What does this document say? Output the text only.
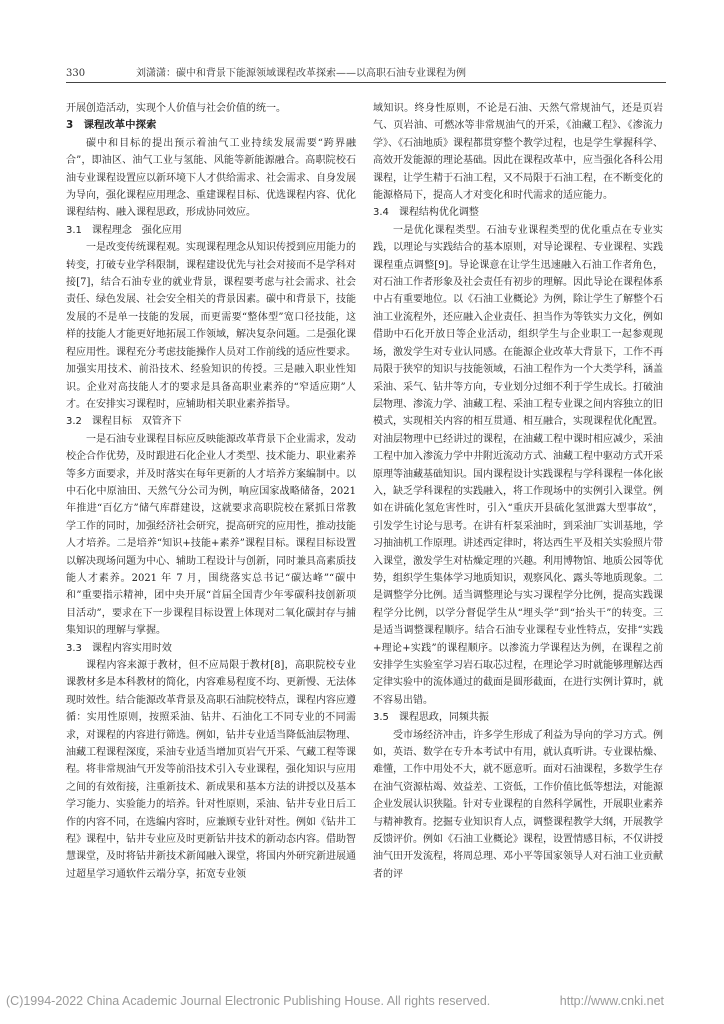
330	刘潇潇：碳中和背景下能源领域课程改革探索——以高职石油专业课程为例

开展创造活动，实现个人价值与社会价值的统一。

3　课程改革中探索

碳中和目标的提出预示着油气工业持续发展需要“跨界融合”，即油区、油气工业与氢能、风能等新能源融合。高职院校石油专业课程设置应以新环境下人才供给需求、社会需求、自身发展为导向，强化课程应用理念、重建课程目标、优选课程内容、优化课程结构、融入课程思政，形成协同效应。

3.1　课程理念　强化应用

一是改变传统课程观。实现课程理念从知识传授到应用能力的转变，打破专业学科限制，课程建设优先与社会对接而不是学科对接[7]，结合石油专业的就业背景，课程要考虑与社会需求、社会责任、绿色发展、社会安全相关的背景因素。碳中和背景下，技能发展的不是单一技能的发展，而更需要“整体型”宽口径技能，这样的技能人才能更好地拓展工作领域，解决复杂问题。二是强化课程应用性。课程充分考虑技能操作人员对工作前线的适应性要求。加强实用技术、前沿技术、经验知识的传授。三是融入职业性知识。企业对高技能人才的要求是具备高职业素养的“窄适应期”人才。在安排实习课程时，应辅助相关职业素养指导。

3.2　课程目标　双管齐下

一是石油专业课程目标应反映能源改革背景下企业需求，发动校企合作优势，及时跟进石化企业人才类型、技术能力、职业素养等多方面要求，并及时落实在每年更新的人才培养方案编制中。以中石化中原油田、天然气分公司为例，响应国家战略储备，2021 年推进“百亿方”储气库群建设，这就要求高职院校在紧抓日常教学工作的同时，加强经济社会研究，提高研究的应用性，推动技能人才培养。二是培养“知识+技能+素养”课程目标。课程目标设置以解决现场问题为中心、辅助工程设计与创新，同时兼具高素质技能人才素养。2021 年 7 月，围绕落实总书记“碳达峰”“碳中和”重要指示精神，团中央开展“首届全国青少年零碳科技创新项目活动”，要求在下一步课程目标设置上体现对二氧化碳封存与捕集知识的理解与掌握。

3.3　课程内容实用时效

课程内容来源于教材，但不应局限于教材[8]，高职院校专业课教材多是本科教材的简化，内容难易程度不均、更新慢、无法体现时效性。结合能源改革背景及高职石油院校特点，课程内容应遵循：实用性原则，按照采油、钻井、石油化工不同专业的不同需求，对课程的内容进行筛选。例如，钻井专业适当降低油层物理、油藏工程课程深度，采油专业适当增加页岩气开采、气藏工程等课程。将非常规油气开发等前沿技术引入专业课程，强化知识与应用之间的有效衔接，注重新技术、新成果和基本方法的讲授以及基本学习能力、实验能力的培养。针对性原则，采油、钻井专业日后工作的内容不同，在选编内容时，应兼顾专业针对性。例如《钻井工程》课程中，钻井专业应及时更新钻井技术的新动态内容。借助智慧课堂，及时将钻井新技术新闻融入课堂，将国内外研究新进展通过超星学习通软件云端分享，拓宽专业领

域知识。终身性原则，不论是石油、天然气常规油气，还是页岩气、页岩油、可燃冰等非常规油气的开采，《油藏工程》、《渗流力学》、《石油地质》课程都贯穿整个教学过程，也是学生掌握科学、高效开发能源的理论基础。因此在课程改革中，应当强化各科公用课程，让学生精于石油工程，又不局限于石油工程，在不断变化的能源格局下，提高人才对变化和时代需求的适应能力。

3.4　课程结构优化调整

一是优化课程类型。石油专业课程类型的优化重点在专业实践，以理论与实践结合的基本原则，对导论课程、专业课程、实践课程重点调整[9]。导论课意在让学生迅速融入石油工作者角色，对石油工作者形象及社会责任有初步的理解。因此导论在课程体系中占有重要地位。以《石油工业概论》为例，除让学生了解整个石油工业流程外，还应融入企业责任、担当作为等铁实力文化，例如借助中石化开放日等企业活动，组织学生与企业职工一起参观现场，激发学生对专业认同感。在能源企业改革大背景下，工作不再局限于狭窄的知识与技能领域，石油工程作为一个大类学科，涵盖采油、采气、钻井等方向，专业划分过细不利于学生成长。打破油层物理、渗流力学、油藏工程、采油工程专业课之间内容独立的旧模式，实现相关内容的相互贯通、相互融合，实现课程优化配置。对油层物理中已经讲过的课程，在油藏工程中课时相应减少，采油工程中加入渗流力学中井附近流动方式、油藏工程中驱动方式开采原理等油藏基础知识。国内课程设计实践课程与学科课程一体化嵌入，缺乏学科课程的实践融入，将工作现场中的实例引入课堂。例如在讲硫化氢危害性时，引入“重庆开县硫化氢泄露大型事故”，引发学生讨论与思考。在讲有杆泵采油时，到采油厂实训基地，学习抽油机工作原理。讲述西定律时，将达西生平及相关实验照片带入课堂，激发学生对枯燥定理的兴趣。利用博物馆、地质公园等优势，组织学生集体学习地质知识，观察风化、露头等地质现象。二是调整学分比例。适当调整理论与实习课程学分比例，提高实践课程学分比例，以学分督促学生从“埋头学”到“抬头干”的转变。三是适当调整课程顺序。结合石油专业课程专业性特点，安排“实践+理论+实践”的课程顺序。以渗流力学课程达为例，在课程之前安排学生实验室学习岩石取芯过程，在理论学习时就能够理解达西定律实验中的流体通过的截面是圆形截面，在进行实例计算时，就不容易出错。

3.5　课程思政，同频共振

受市场经济冲击，许多学生形成了利益为导向的学习方式。例如，英语、数学在专升本考试中有用，就认真听讲。专业课枯燥、难懂，工作中用处不大，就不愿意听。面对石油课程，多数学生存在油气资源枯竭、效益差、工资低，工作价值比低等想法，对能源企业发展认识狭隘。针对专业课程的自然科学属性，开展职业素养与精神教育。挖掘专业知识育人点，调整课程教学大纲，开展教学反馈评价。例如《石油工业概论》课程，设置情感目标，不仅讲授油气田开发流程，将周总理、邓小平等国家领导人对石油工业贡献者的评

(C)1994-2022 China Academic Journal Electronic Publishing House. All rights reserved.	http://www.cnki.net
